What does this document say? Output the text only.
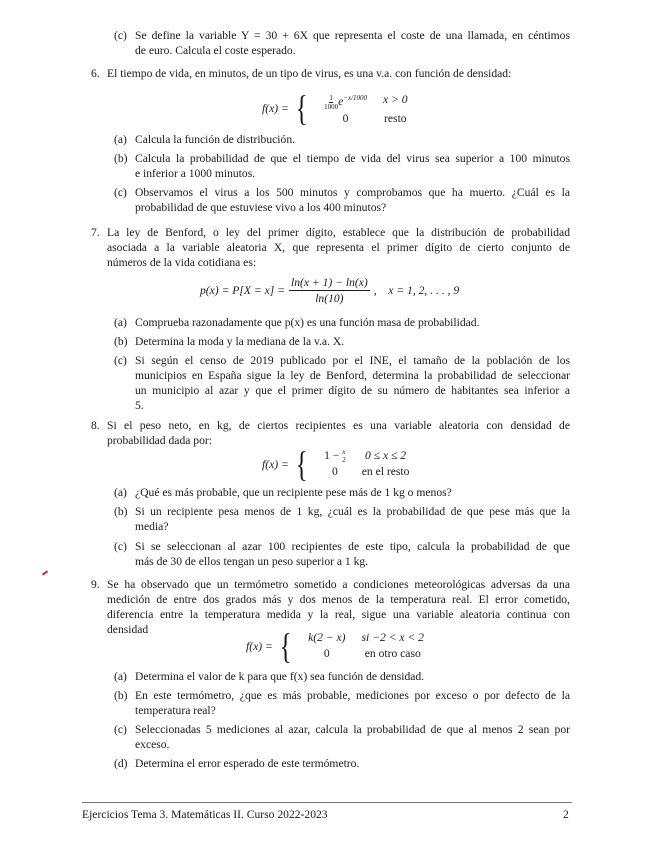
(c) Se define la variable Y = 30 + 6X que representa el coste de una llamada, en céntimos
de euro. Calcula el coste esperado.
6. El tiempo de vida, en minutos, de un tipo de virus, es una v.a. con función de densidad:
(a) Calcula la función de distribución.
(b) Calcula la probabilidad de que el tiempo de vida del virus sea superior a 100 minutos
e inferior a 1000 minutos.
(c) Observamos el virus a los 500 minutos y comprobamos que ha muerto. ¿Cuál es la
probabilidad de que estuviese vivo a los 400 minutos?
7. La ley de Benford, o ley del primer dígito, establece que la distribución de probabilidad
asociada a la variable aleatoria X, que representa el primer dígito de cierto conjunto de
números de la vida cotidiana es:
(a) Comprueba razonadamente que p(x) es una función masa de probabilidad.
(b) Determina la moda y la mediana de la v.a. X.
(c) Si según el censo de 2019 publicado por el INE, el tamaño de la población de los
municipios en España sigue la ley de Benford, determina la probabilidad de seleccionar
un municipio al azar y que el primer dígito de su número de habitantes sea inferior a
5.
8. Si el peso neto, en kg, de ciertos recipientes es una variable aleatoria con densidad de
probabilidad dada por:
(a) ¿Qué es más probable, que un recipiente pese más de 1 kg o menos?
(b) Si un recipiente pesa menos de 1 kg, ¿cuál es la probabilidad de que pese más que la
media?
(c) Si se seleccionan al azar 100 recipientes de este tipo, calcula la probabilidad de que
más de 30 de ellos tengan un peso superior a 1 kg.
9. Se ha observado que un termómetro sometido a condiciones meteorológicas adversas da una
medición de entre dos grados más y dos menos de la temperatura real. El error cometido,
diferencia entre la temperatura medida y la real, sigue una variable aleatoria continua con
densidad
(a) Determina el valor de k para que f(x) sea función de densidad.
(b) En este termómetro, ¿que es más probable, mediciones por exceso o por defecto de la
temperatura real?
(c) Seleccionadas 5 mediciones al azar, calcula la probabilidad de que al menos 2 sean por
exceso.
(d) Determina el error esperado de este termómetro.
f(x) = { $\frac{1}{1000} e^{-x/1000}$	x > 0
0	resto
$p(x) = P[X = x] = \frac{\ln(x + 1) - \ln(x)}{\ln(10)}$ ,    x = 1, 2, . . . , 9
f(x) = { 1 − x
2	0 ≤ x ≤ 2
0	en el resto
f(x) = { k(2 − x)	si −2 < x < 2
0	en otro caso
Ejercicios Tema 3. Matemáticas II. Curso 2022-2023	2
